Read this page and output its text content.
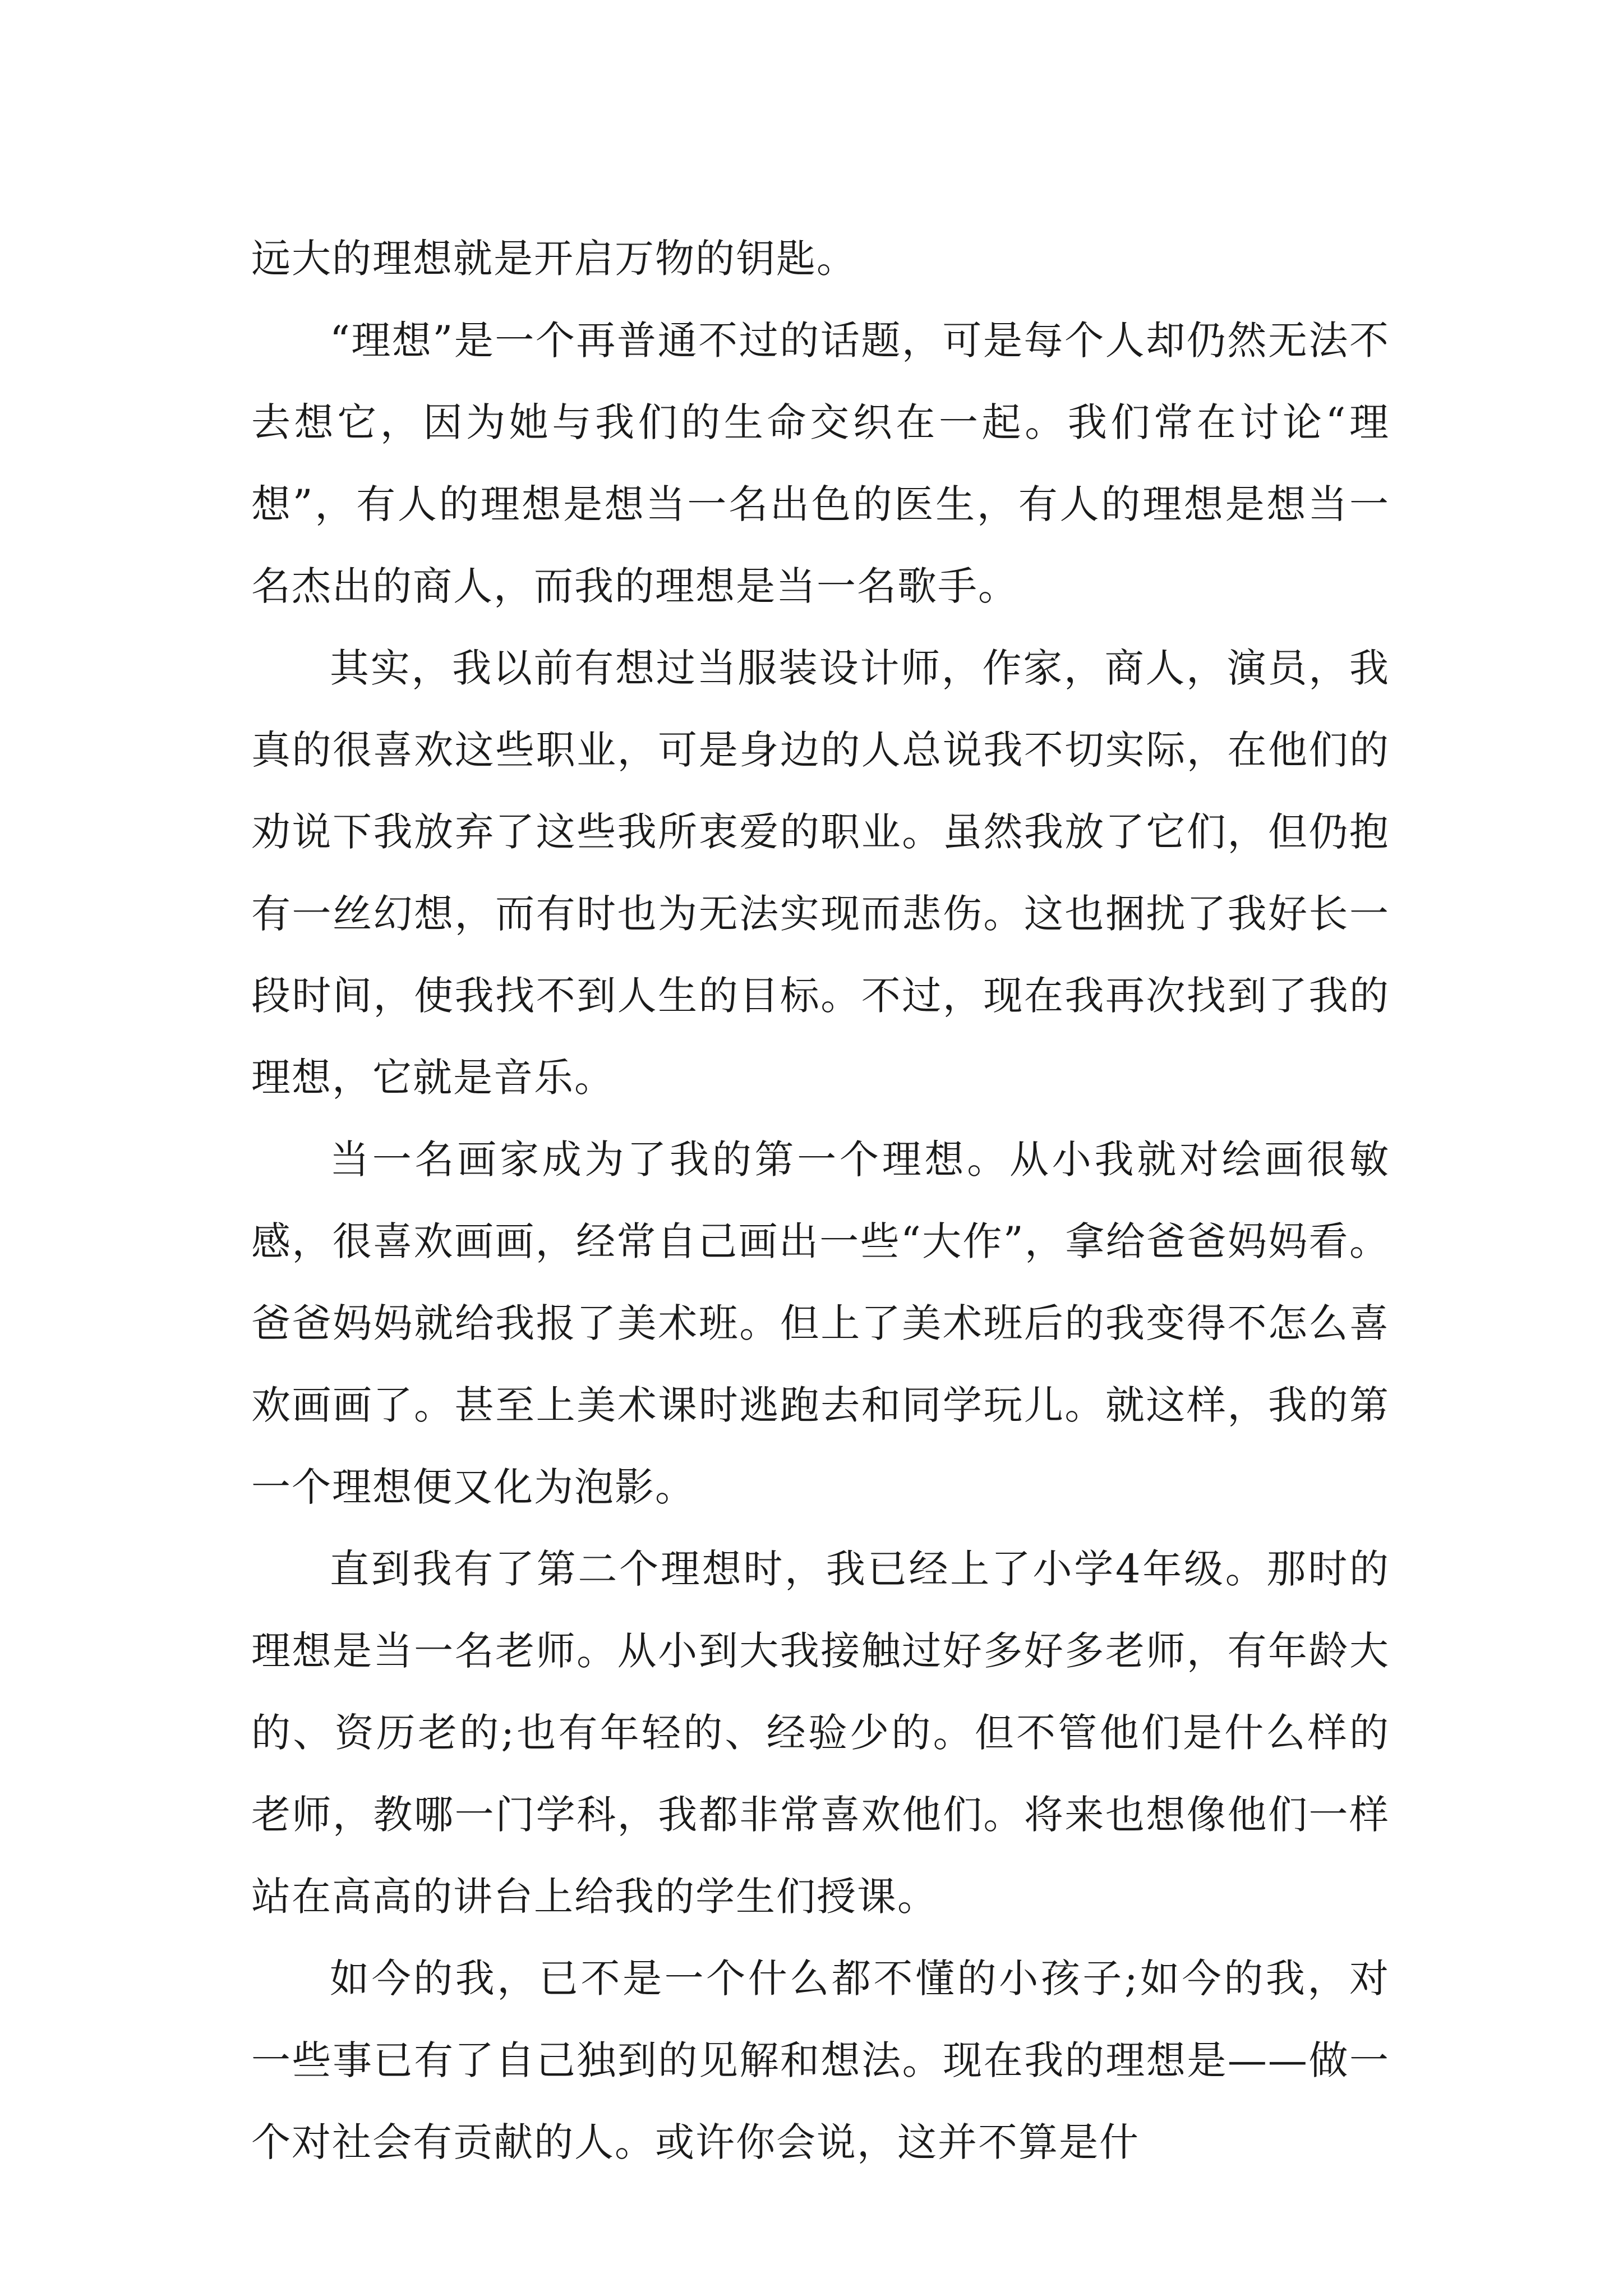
远大的理想就是开启万物的钥匙。

“理想”是一个再普通不过的话题，可是每个人却仍然无法不去想它，因为她与我们的生命交织在一起。我们常在讨论“理想”，有人的理想是想当一名出色的医生，有人的理想是想当一名杰出的商人，而我的理想是当一名歌手。

其实，我以前有想过当服装设计师，作家，商人，演员，我真的很喜欢这些职业，可是身边的人总说我不切实际，在他们的劝说下我放弃了这些我所衷爱的职业。虽然我放了它们，但仍抱有一丝幻想，而有时也为无法实现而悲伤。这也捆扰了我好长一段时间，使我找不到人生的目标。不过，现在我再次找到了我的理想，它就是音乐。

当一名画家成为了我的第一个理想。从小我就对绘画很敏感，很喜欢画画，经常自己画出一些“大作”，拿给爸爸妈妈看。爸爸妈妈就给我报了美术班。但上了美术班后的我变得不怎么喜欢画画了。甚至上美术课时逃跑去和同学玩儿。就这样，我的第一个理想便又化为泡影。

直到我有了第二个理想时，我已经上了小学4年级。那时的理想是当一名老师。从小到大我接触过好多好多老师，有年龄大的、资历老的;也有年轻的、经验少的。但不管他们是什么样的老师，教哪一门学科，我都非常喜欢他们。将来也想像他们一样站在高高的讲台上给我的学生们授课。

如今的我，已不是一个什么都不懂的小孩子;如今的我，对一些事已有了自己独到的见解和想法。现在我的理想是——做一个对社会有贡献的人。或许你会说，这并不算是什
